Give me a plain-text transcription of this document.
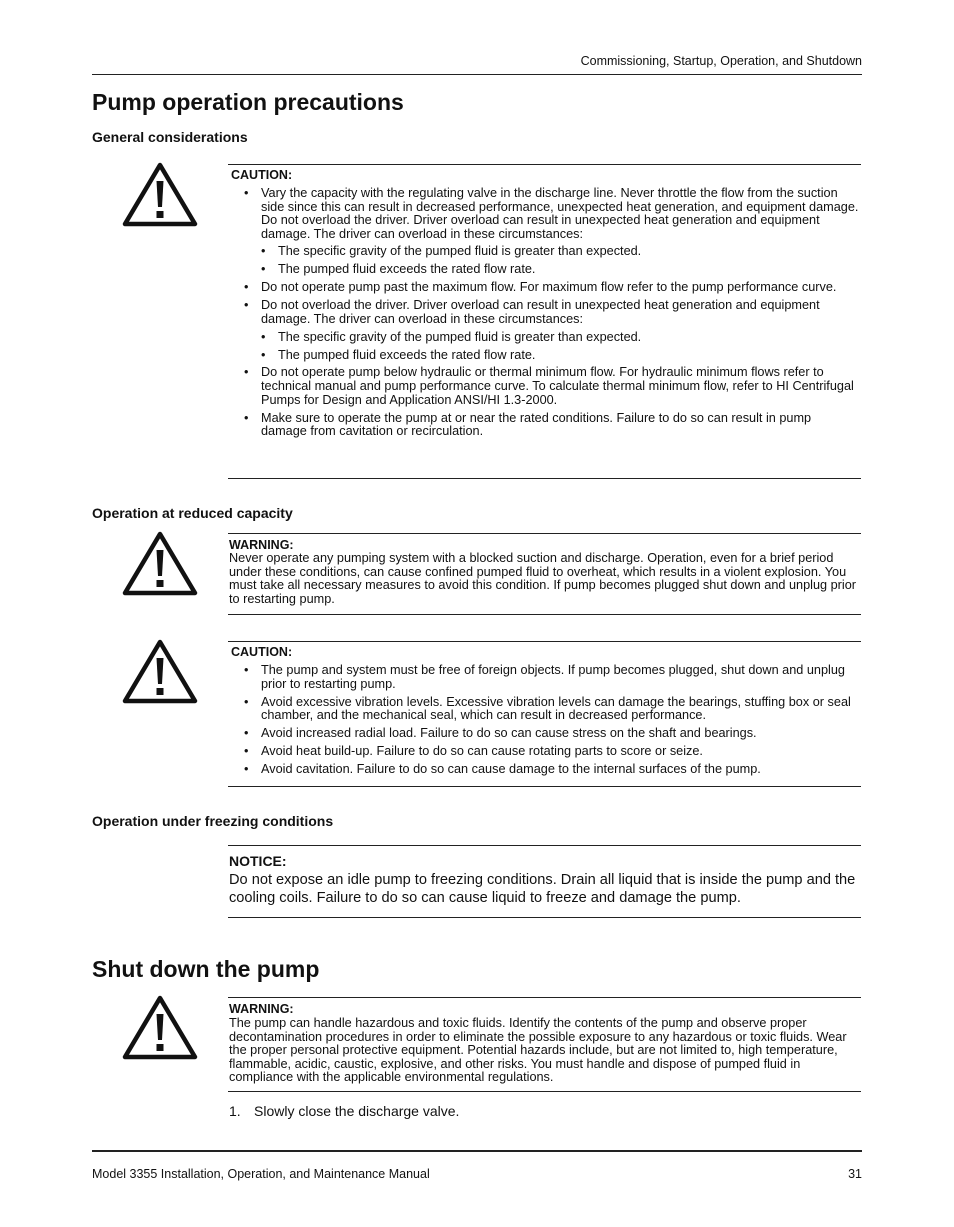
Commissioning, Startup, Operation, and Shutdown
Pump operation precautions
General considerations
CAUTION:
• Vary the capacity with the regulating valve in the discharge line. Never throttle the flow from the suction side since this can result in decreased performance, unexpected heat generation, and equipment damage.
Do not overload the driver. Driver overload can result in unexpected heat generation and equipment damage. The driver can overload in these circumstances:
• The specific gravity of the pumped fluid is greater than expected.
• The pumped fluid exceeds the rated flow rate.
• Do not operate pump past the maximum flow. For maximum flow refer to the pump performance curve.
• Do not overload the driver. Driver overload can result in unexpected heat generation and equipment damage. The driver can overload in these circumstances:
• The specific gravity of the pumped fluid is greater than expected.
• The pumped fluid exceeds the rated flow rate.
• Do not operate pump below hydraulic or thermal minimum flow. For hydraulic minimum flows refer to technical manual and pump performance curve. To calculate thermal minimum flow, refer to HI Centrifugal Pumps for Design and Application ANSI/HI 1.3-2000.
• Make sure to operate the pump at or near the rated conditions. Failure to do so can result in pump damage from cavitation or recirculation.
Operation at reduced capacity
WARNING:
Never operate any pumping system with a blocked suction and discharge. Operation, even for a brief period under these conditions, can cause confined pumped fluid to overheat, which results in a violent explosion. You must take all necessary measures to avoid this condition. If pump becomes plugged shut down and unplug prior to restarting pump.
CAUTION:
• The pump and system must be free of foreign objects. If pump becomes plugged, shut down and unplug prior to restarting pump.
• Avoid excessive vibration levels. Excessive vibration levels can damage the bearings, stuffing box or seal chamber, and the mechanical seal, which can result in decreased performance.
• Avoid increased radial load. Failure to do so can cause stress on the shaft and bearings.
• Avoid heat build-up. Failure to do so can cause rotating parts to score or seize.
• Avoid cavitation. Failure to do so can cause damage to the internal surfaces of the pump.
Operation under freezing conditions
NOTICE:
Do not expose an idle pump to freezing conditions. Drain all liquid that is inside the pump and the cooling coils. Failure to do so can cause liquid to freeze and damage the pump.
Shut down the pump
WARNING:
The pump can handle hazardous and toxic fluids. Identify the contents of the pump and observe proper decontamination procedures in order to eliminate the possible exposure to any hazardous or toxic fluids. Wear the proper personal protective equipment. Potential hazards include, but are not limited to, high temperature, flammable, acidic, caustic, explosive, and other risks. You must handle and dispose of pumped fluid in compliance with the applicable environmental regulations.
1. Slowly close the discharge valve.
Model 3355 Installation, Operation, and Maintenance Manual	31
